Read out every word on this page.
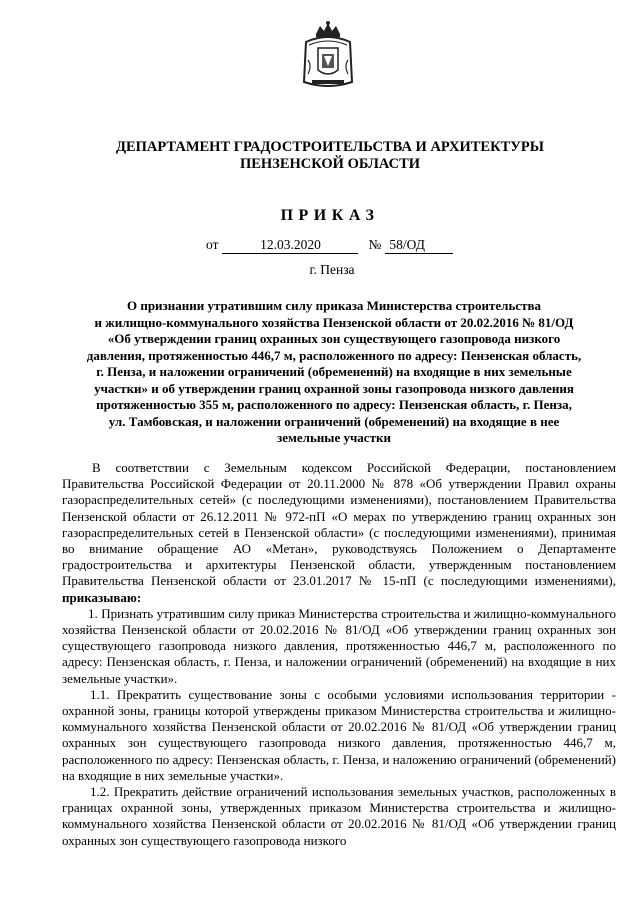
ДЕПАРТАМЕНТ ГРАДОСТРОИТЕЛЬСТВА И АРХИТЕКТУРЫ
ПЕНЗЕНСКОЙ ОБЛАСТИ
ПРИКАЗ
от	12.03.2020	№ 58/ОД
г. Пенза
О признании утратившим силу приказа Министерства строительства
и жилищно-коммунального хозяйства Пензенской области от 20.02.2016 № 81/ОД
«Об утверждении границ охранных зон существующего газопровода низкого
давления, протяженностью 446,7 м, расположенного по адресу: Пензенская область,
г. Пенза, и наложении ограничений (обременений) на входящие в них земельные
участки» и об утверждении границ охранной зоны газопровода низкого давления
протяженностью 355 м, расположенного по адресу: Пензенская область, г. Пенза,
ул. Тамбовская, и наложении ограничений (обременений) на входящие в нее
земельные участки

В соответствии с Земельным кодексом Российской Федерации, постановлением Правительства Российской Федерации от 20.11.2000 № 878 «Об утверждении Правил охраны газораспределительных сетей» (с последующими изменениями), постановлением Правительства Пензенской области от 26.12.2011 № 972-пП «О мерах по утверждению границ охранных зон газораспределительных сетей в Пензенской области» (с последующими изменениями), принимая во внимание обращение АО «Метан», руководствуясь Положением о Департаменте градостроительства и архитектуры Пензенской области, утвержденным постановлением Правительства Пензенской области от 23.01.2017 № 15-пП (с последующими изменениями), приказываю:

1. Признать утратившим силу приказ Министерства строительства и жилищно-коммунального хозяйства Пензенской области от 20.02.2016 № 81/ОД «Об утверждении границ охранных зон существующего газопровода низкого давления, протяженностью 446,7 м, расположенного по адресу: Пензенская область, г. Пенза, и наложении ограничений (обременений) на входящие в них земельные участки».

1.1. Прекратить существование зоны с особыми условиями использования территории - охранной зоны, границы которой утверждены приказом Министерства строительства и жилищно-коммунального хозяйства Пензенской области от 20.02.2016 № 81/ОД «Об утверждении границ охранных зон существующего газопровода низкого давления, протяженностью 446,7 м, расположенного по адресу: Пензенская область, г. Пенза, и наложению ограничений (обременений) на входящие в них земельные участки».

1.2. Прекратить действие ограничений использования земельных участков, расположенных в границах охранной зоны, утвержденных приказом Министерства строительства и жилищно-коммунального хозяйства Пензенской области от 20.02.2016 № 81/ОД «Об утверждении границ охранных зон существующего газопровода низкого
